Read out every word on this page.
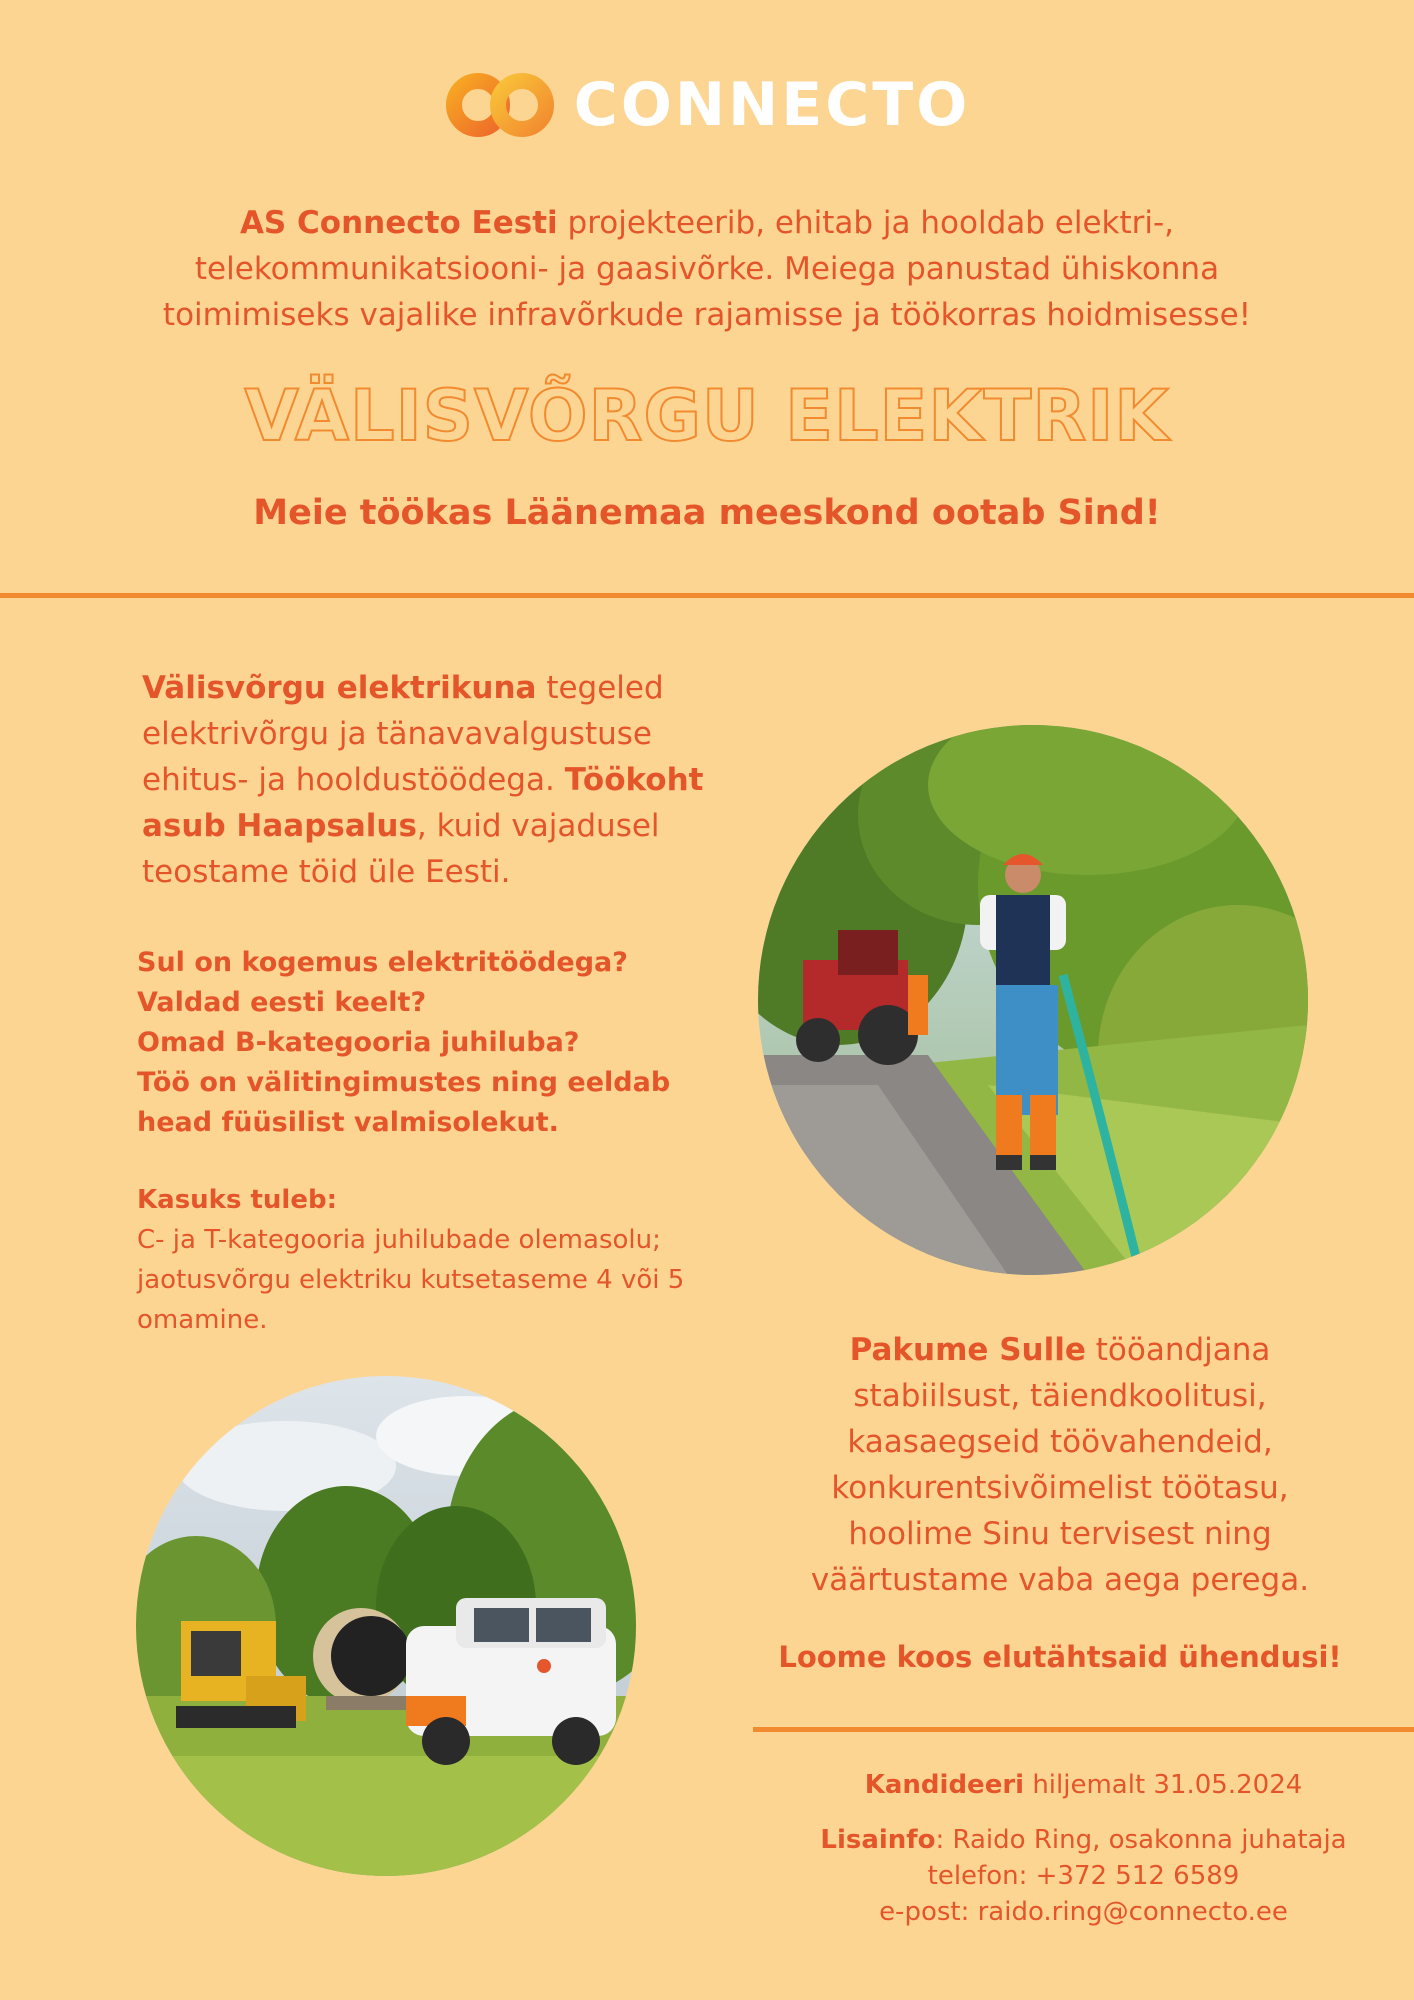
CONNECTO
AS Connecto Eesti projekteerib, ehitab ja hooldab elektri-, telekommunikatsiooni- ja gaasivõrke. Meiega panustad ühiskonna toimimiseks vajalike infravõrkude rajamisse ja töökorras hoidmisesse!
VÄLISVÕRGU ELEKTRIK
Meie töökas Läänemaa meeskond ootab Sind!
Välisvõrgu elektrikuna tegeled elektrivõrgu ja tänavavalgustuse ehitus- ja hooldustöödega. Töökoht asub Haapsalus, kuid vajadusel teostame töid üle Eesti.
Sul on kogemus elektritöödega?
Valdad eesti keelt?
Omad B-kategooria juhiluba?
Töö on välitingimustes ning eeldab
head füüsilist valmisolekut.
Kasuks tuleb:
C- ja T-kategooria juhilubade olemasolu;
jaotusvõrgu elektriku kutsetaseme 4 või 5
omamine.
Pakume Sulle tööandjana stabiilsust, täiendkoolitusi, kaasaegseid töövahendeid, konkurentsivõimelist töötasu, hoolime Sinu tervisest ning väärtustame vaba aega perega.
Loome koos elutähtsaid ühendusi!
Kandideeri hiljemalt 31.05.2024
Lisainfo: Raido Ring, osakonna juhataja
telefon: +372 512 6589
e-post: raido.ring@connecto.ee
